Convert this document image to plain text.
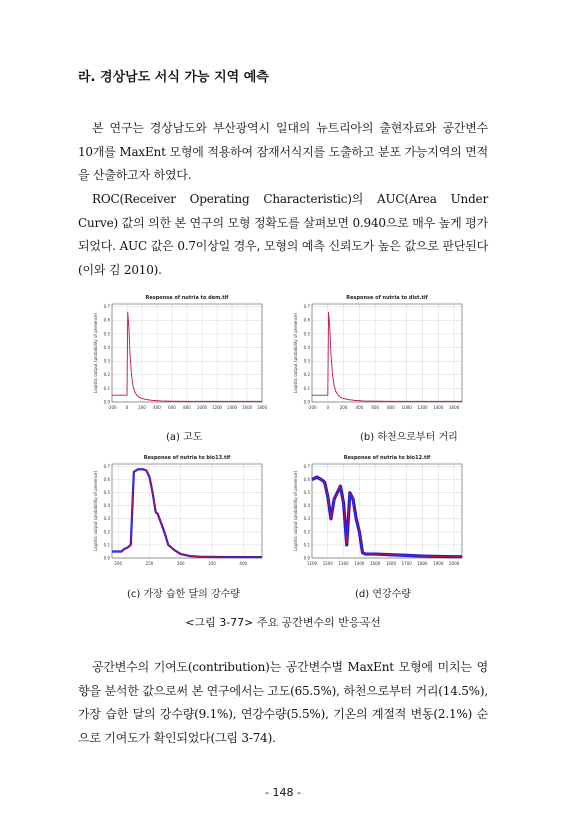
라. 경상남도 서식 가능 지역 예측

본 연구는 경상남도와 부산광역시 일대의 뉴트리아의 출현자료와 공간변수 10개를 MaxEnt 모형에 적용하여 잠재서식지를 도출하고 분포 가능지역의 면적을 산출하고자 하였다.

ROC(Receiver Operating Characteristic)의 AUC(Area Under Curve) 값의 의한 본 연구의 모형 정확도를 살펴보면 0.940으로 매우 높게 평가되었다. AUC 값은 0.7이상일 경우, 모형의 예측 신뢰도가 높은 값으로 판단된다(이와 김 2010).

Response of nutria to dem.tif
Logistic output (probability of presence)
0.0
0.1
0.2
0.3
0.4
0.5
0.6
0.7
-200 0 200 400 600 800 1000 1200 1400 1600 1800
(a) 고도
Response of nutria to dist.tif
Logistic output (probability of presence)
0.0
0.1
0.2
0.3
0.4
0.5
0.6
0.7
-200 0	200 400 600 800 1000 1200 1400 1600
(b) 하천으로부터 거리
Response of nutria to bio13.tif
Logistic output (probability of presence)
0.0
0.1
0.2
0.3
0.4
0.5
0.6
0.7
200	250	300	350	400
(c) 가장 습한 달의 강수량
Response of nutria to bio12.tif
Logistic output (probability of presence)
0.0
0.1
0.2
0.3
0.4
0.5
0.6
0.7
1100 1200 1300 1400 1500 1600 1700 1800 1900 2000
(d) 연강수량
<그림 3-77> 주요 공간변수의 반응곡선

공간변수의 기여도(contribution)는 공간변수별 MaxEnt 모형에 미치는 영향을 분석한 값으로써 본 연구에서는 고도(65.5%), 하천으로부터 거리(14.5%), 가장 습한 달의 강수량(9.1%), 연강수량(5.5%), 기온의 계절적 변동(2.1%) 순으로 기여도가 확인되었다(그림 3-74).

- 148 -
